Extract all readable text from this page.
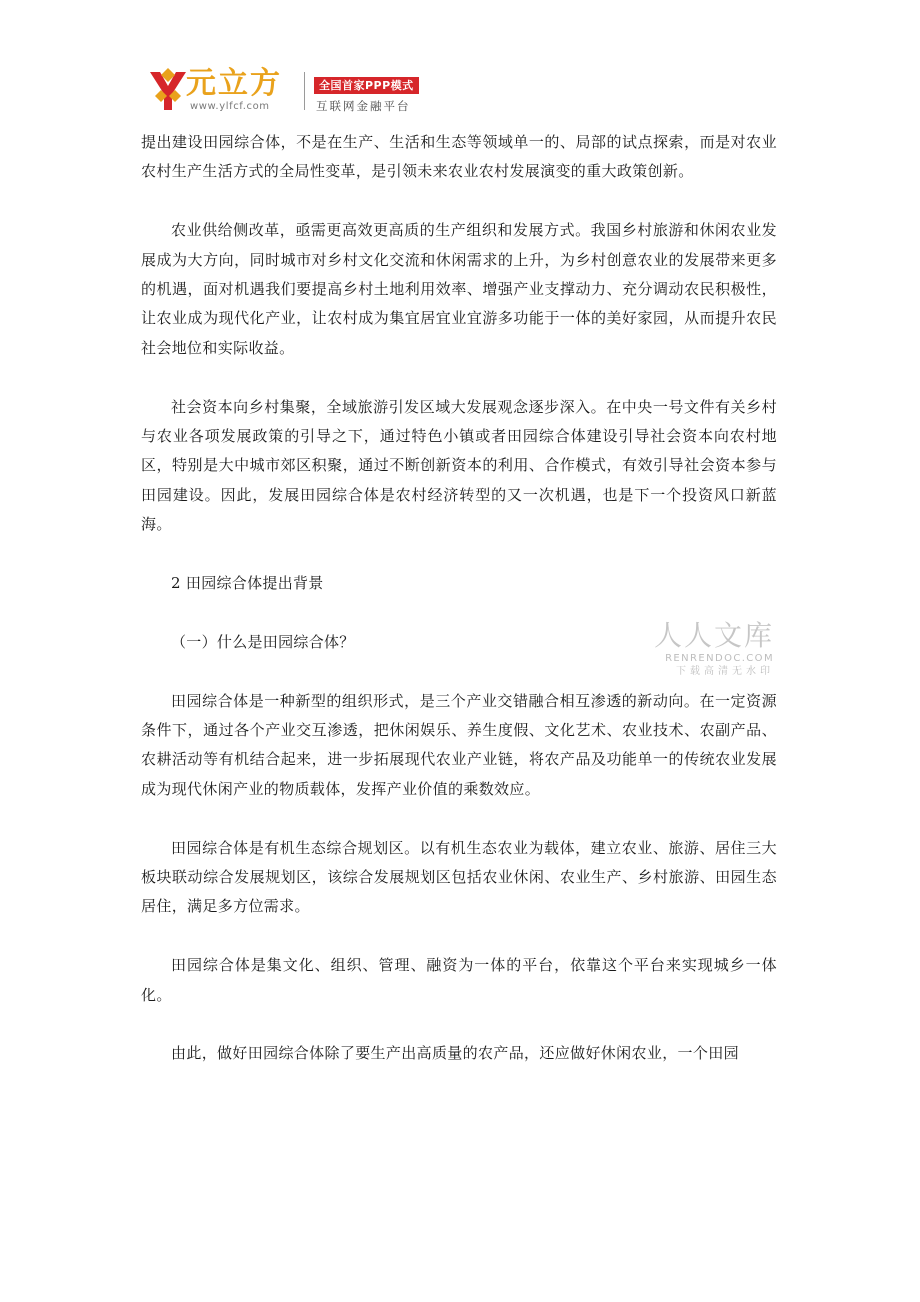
元立方
www.ylfcf.com
全国首家PPP模式
互联网金融平台

提出建设田园综合体，不是在生产、生活和生态等领域单一的、局部的试点探索，而是对农业农村生产生活方式的全局性变革，是引领未来农业农村发展演变的重大政策创新。

农业供给侧改革，亟需更高效更高质的生产组织和发展方式。我国乡村旅游和休闲农业发展成为大方向，同时城市对乡村文化交流和休闲需求的上升，为乡村创意农业的发展带来更多的机遇，面对机遇我们要提高乡村土地利用效率、增强产业支撑动力、充分调动农民积极性，让农业成为现代化产业，让农村成为集宜居宜业宜游多功能于一体的美好家园，从而提升农民社会地位和实际收益。

社会资本向乡村集聚，全域旅游引发区域大发展观念逐步深入。在中央一号文件有关乡村与农业各项发展政策的引导之下，通过特色小镇或者田园综合体建设引导社会资本向农村地区，特别是大中城市郊区积聚，通过不断创新资本的利用、合作模式，有效引导社会资本参与田园建设。因此，发展田园综合体是农村经济转型的又一次机遇，也是下一个投资风口新蓝海。

2 田园综合体提出背景

（一）什么是田园综合体？

田园综合体是一种新型的组织形式，是三个产业交错融合相互渗透的新动向。在一定资源条件下，通过各个产业交互渗透，把休闲娱乐、养生度假、文化艺术、农业技术、农副产品、农耕活动等有机结合起来，进一步拓展现代农业产业链，将农产品及功能单一的传统农业发展成为现代休闲产业的物质载体，发挥产业价值的乘数效应。

田园综合体是有机生态综合规划区。以有机生态农业为载体，建立农业、旅游、居住三大板块联动综合发展规划区，该综合发展规划区包括农业休闲、农业生产、乡村旅游、田园生态居住，满足多方位需求。

田园综合体是集文化、组织、管理、融资为一体的平台，依靠这个平台来实现城乡一体化。

由此，做好田园综合体除了要生产出高质量的农产品，还应做好休闲农业，一个田园

人人文库
RENRENDOC.COM
下载高清无水印
